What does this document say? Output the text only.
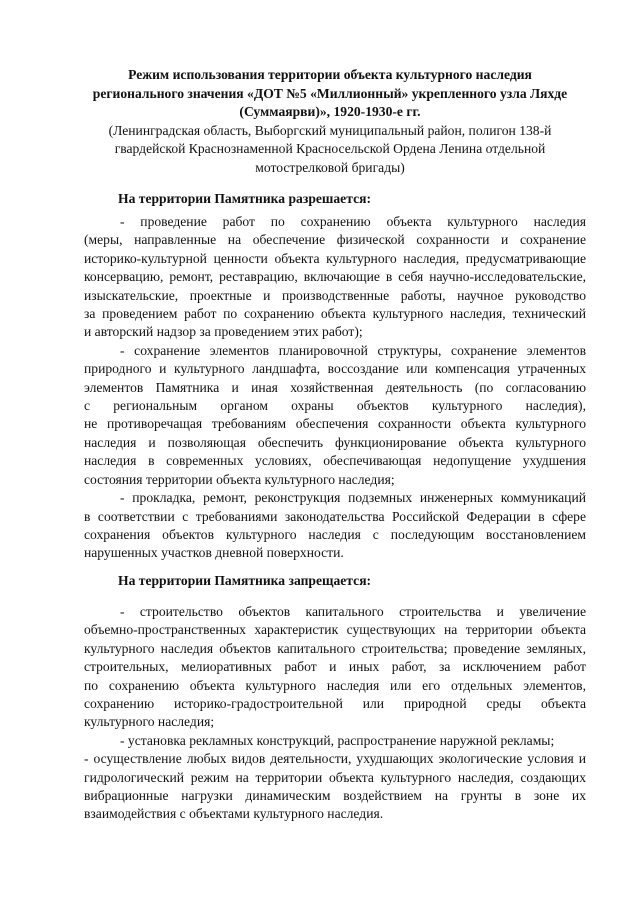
Режим использования территории объекта культурного наследия
регионального значения «ДОТ №5 «Миллионный» укрепленного узла Ляхде
(Суммаярви)», 1920-1930-е гг.
(Ленинградская область, Выборгский муниципальный район, полигон 138-й
гвардейской Краснознаменной Красносельской Ордена Ленина отдельной
мотострелковой бригады)
На территории Памятника разрешается:
- проведение работ по сохранению объекта культурного наследия
(меры, направленные на обеспечение физической сохранности и сохранение
историко-культурной ценности объекта культурного наследия, предусматривающие
консервацию, ремонт, реставрацию, включающие в себя научно-исследовательские,
изыскательские, проектные и производственные работы, научное руководство
за проведением работ по сохранению объекта культурного наследия, технический
и авторский надзор за проведением этих работ);
- сохранение элементов планировочной структуры, сохранение элементов
природного и культурного ландшафта, воссоздание или компенсация утраченных
элементов Памятника и иная хозяйственная деятельность (по согласованию
с региональным органом охраны объектов культурного наследия),
не противоречащая требованиям обеспечения сохранности объекта культурного
наследия и позволяющая обеспечить функционирование объекта культурного
наследия в современных условиях, обеспечивающая недопущение ухудшения
состояния территории объекта культурного наследия;
- прокладка, ремонт, реконструкция подземных инженерных коммуникаций
в соответствии с требованиями законодательства Российской Федерации в сфере
сохранения объектов культурного наследия с последующим восстановлением
нарушенных участков дневной поверхности.
На территории Памятника запрещается:
- строительство объектов капитального строительства и увеличение
объемно-пространственных характеристик существующих на территории объекта
культурного наследия объектов капитального строительства; проведение земляных,
строительных, мелиоративных работ и иных работ, за исключением работ
по сохранению объекта культурного наследия или его отдельных элементов,
сохранению историко-градостроительной или природной среды объекта
культурного наследия;
- установка рекламных конструкций, распространение наружной рекламы;
- осуществление любых видов деятельности, ухудшающих экологические условия и
гидрологический режим на территории объекта культурного наследия, создающих
вибрационные нагрузки динамическим воздействием на грунты в зоне их
взаимодействия с объектами культурного наследия.
